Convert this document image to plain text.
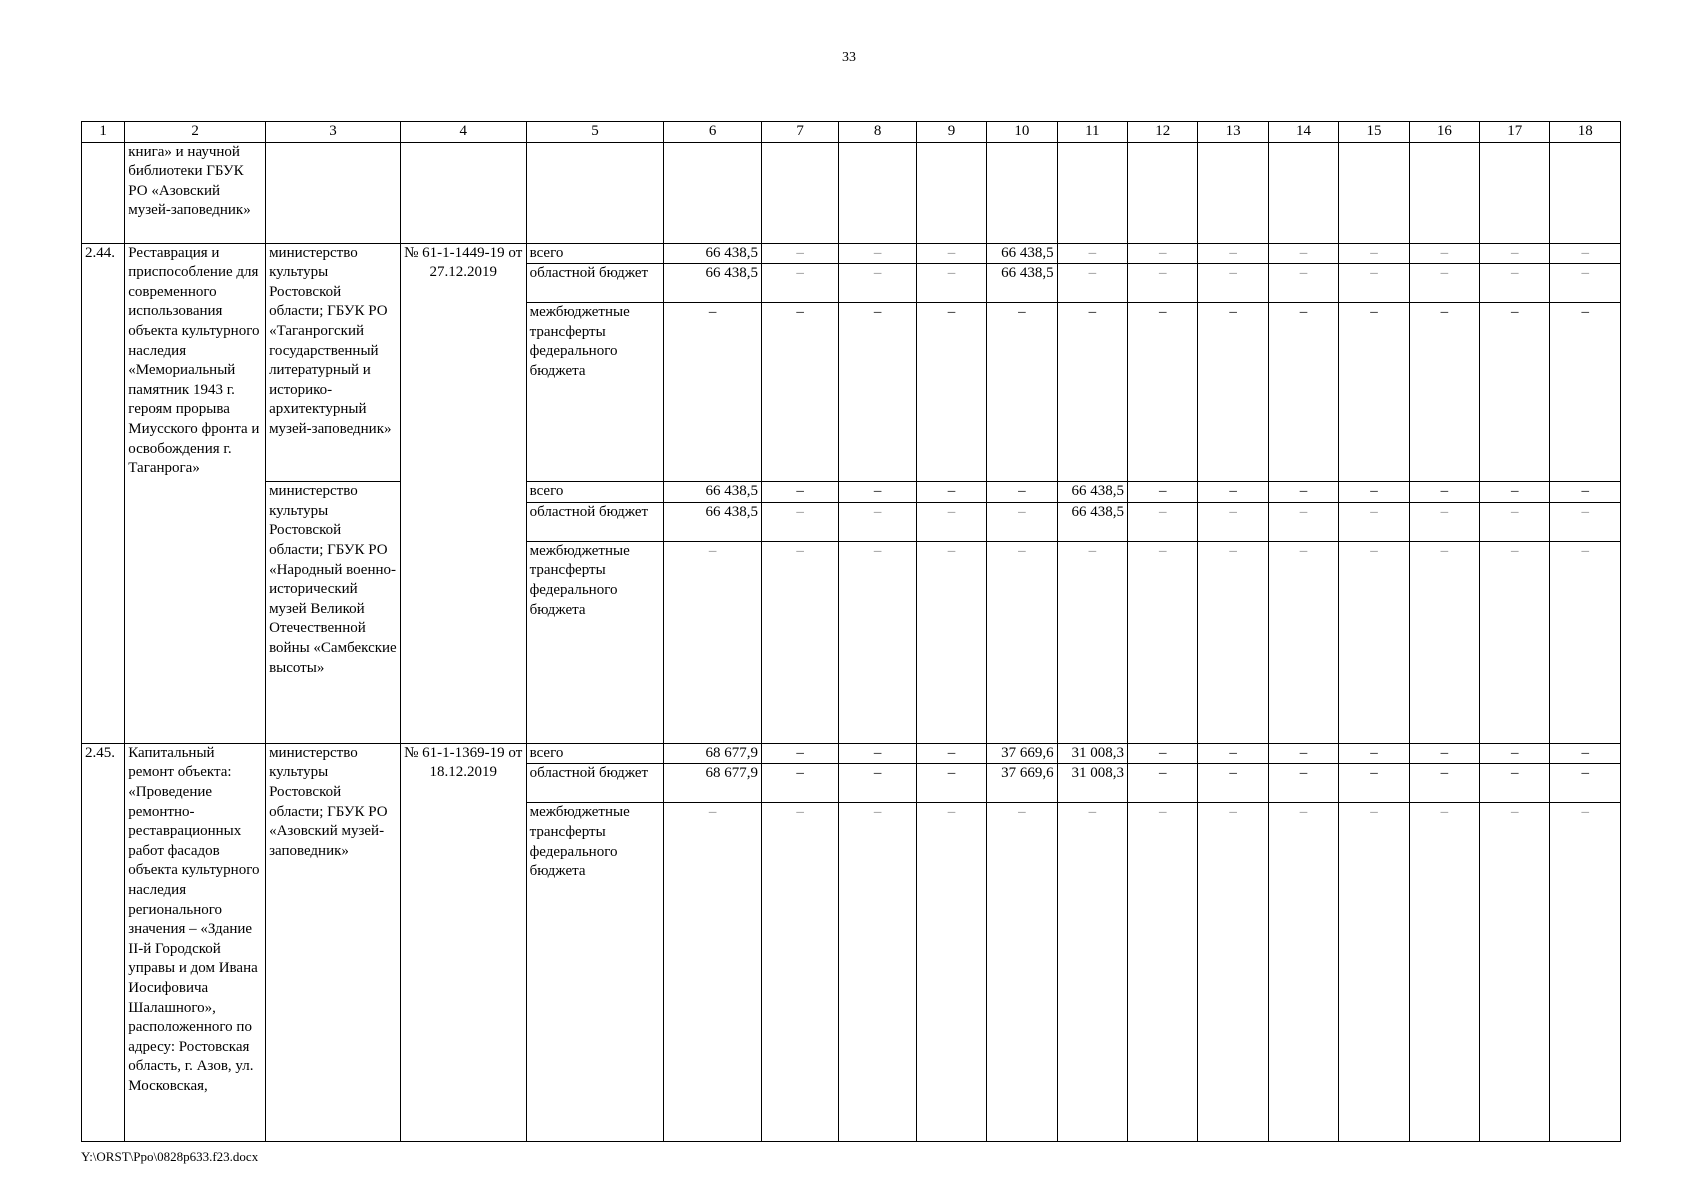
33
1	2	3	4	5	6	7	8	9	10	11	12	13	14	15	16	17	18
	книга» и научной библиотеки ГБУК РО «Азовский музей-заповедник»																
2.44.	Реставрация и приспособление для современного использования объекта культурного наследия «Мемориальный памятник 1943 г. героям прорыва Миусского фронта и освобождения г. Таганрога»	министерство культуры Ростовской области; ГБУК РО «Таганрогский государственный литературный и историко-архитектурный музей-заповедник»	№ 61-1-1449-19 от 27.12.2019	всего	66 438,5	–	–	–	66 438,5	–	–	–	–	–	–	–	–
				областной бюджет	66 438,5	–	–	–	66 438,5	–	–	–	–	–	–	–	–
				межбюджетные трансферты федерального бюджета	–	–	–	–	–	–	–	–	–	–	–	–	–
		министерство культуры Ростовской области; ГБУК РО «Народный военно-исторический музей Великой Отечественной войны «Самбекские высоты»		всего	66 438,5	–	–	–	–	66 438,5	–	–	–	–	–	–	–
				областной бюджет	66 438,5	–	–	–	–	66 438,5	–	–	–	–	–	–	–
				межбюджетные трансферты федерального бюджета	–	–	–	–	–	–	–	–	–	–	–	–	–
2.45.	Капитальный ремонт объекта: «Проведение ремонтно-реставрационных работ фасадов объекта культурного наследия регионального значения – «Здание II-й Городской управы и дом Ивана Иосифовича Шалашного», расположенного по адресу: Ростовская область, г. Азов, ул. Московская,	министерство культуры Ростовской области; ГБУК РО «Азовский музей-заповедник»	№ 61-1-1369-19 от 18.12.2019	всего	68 677,9	–	–	–	37 669,6	31 008,3	–	–	–	–	–	–	–
				областной бюджет	68 677,9	–	–	–	37 669,6	31 008,3	–	–	–	–	–	–	–
				межбюджетные трансферты федерального бюджета	–	–	–	–	–	–	–	–	–	–	–	–	–
Y:\ORST\Ppo\0828p633.f23.docx
